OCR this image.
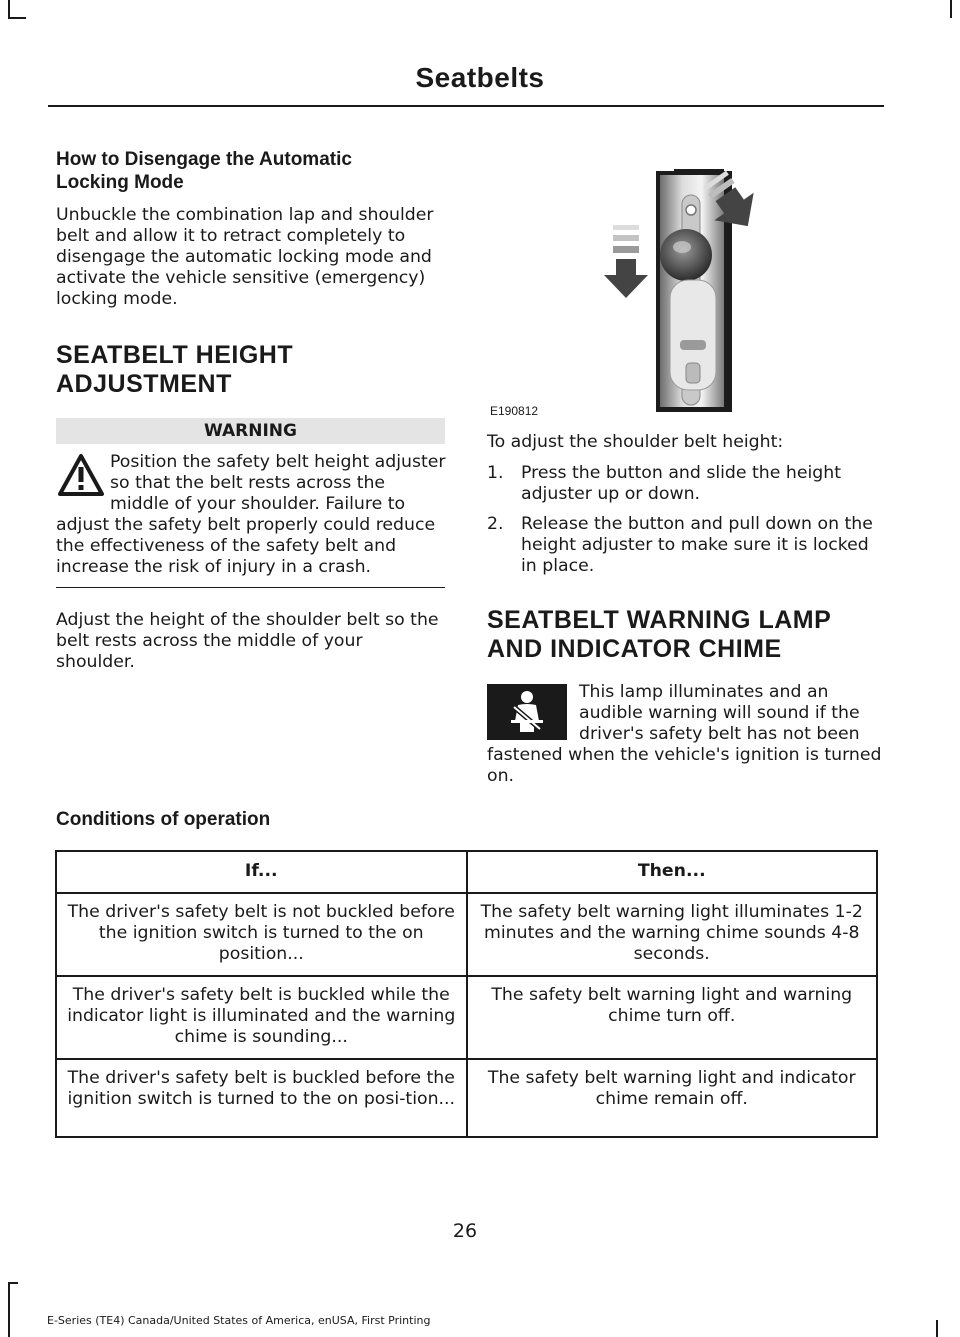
Seatbelts
How to Disengage the Automatic Locking Mode
Unbuckle the combination lap and shoulder belt and allow it to retract completely to disengage the automatic locking mode and activate the vehicle sensitive (emergency) locking mode.
SEATBELT HEIGHT
ADJUSTMENT
WARNING
Position the safety belt height adjuster so that the belt rests across the middle of your shoulder. Failure to adjust the safety belt properly could reduce the effectiveness of the safety belt and increase the risk of injury in a crash.
Adjust the height of the shoulder belt so the belt rests across the middle of your shoulder.
E190812
To adjust the shoulder belt height:
1. Press the button and slide the height adjuster up or down.
2. Release the button and pull down on the height adjuster to make sure it is locked in place.
SEATBELT WARNING LAMP
AND INDICATOR CHIME
This lamp illuminates and an audible warning will sound if the driver's safety belt has not been fastened when the vehicle's ignition is turned on.
Conditions of operation
If...	Then...
The driver's safety belt is not buckled before the ignition switch is turned to the on position...	The safety belt warning light illuminates 1-2 minutes and the warning chime sounds 4-8 seconds.
The driver's safety belt is buckled while the indicator light is illuminated and the warning chime is sounding...	The safety belt warning light and warning chime turn off.
The driver's safety belt is buckled before the ignition switch is turned to the on posi-tion...	The safety belt warning light and indicator chime remain off.
26
E-Series (TE4) Canada/United States of America, enUSA, First Printing
